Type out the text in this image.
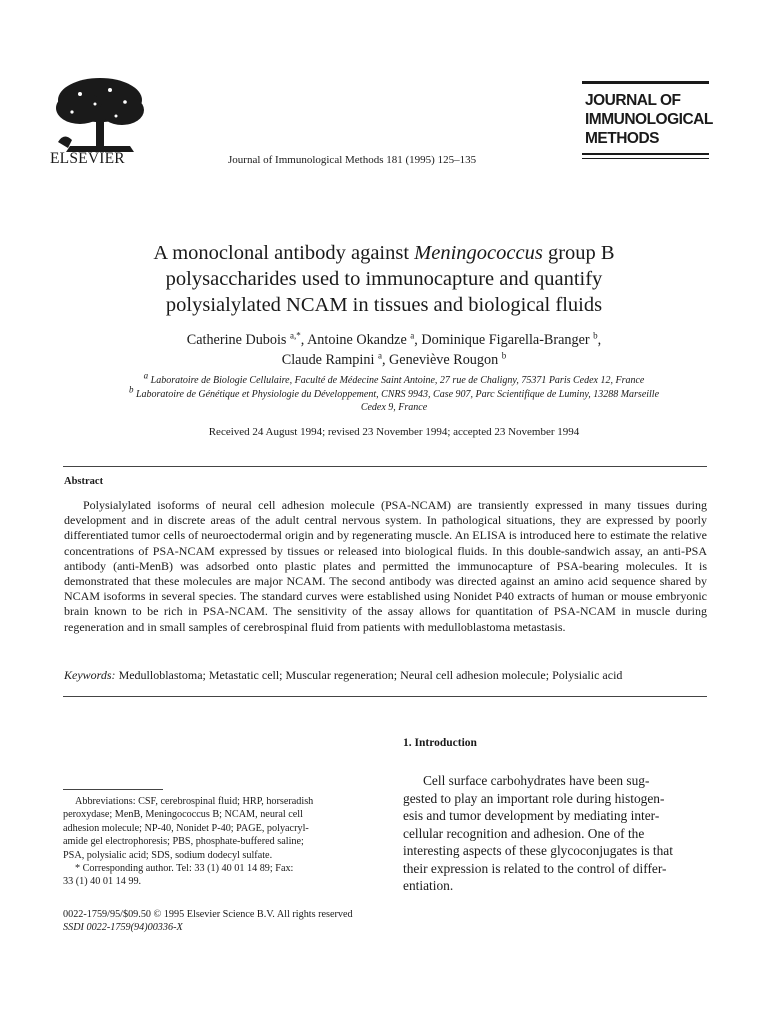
ELSEVIER	Journal of Immunological Methods 181 (1995) 125–135
JOURNAL OF
IMMUNOLOGICAL
METHODS
A monoclonal antibody against Meningococcus group B
polysaccharides used to immunocapture and quantify
polysialylated NCAM in tissues and biological fluids
Catherine Dubois $^{a,*}$, Antoine Okandze $^a$, Dominique Figarella-Branger $^b$,
Claude Rampini $^a$, Geneviève Rougon $^b$
$^a$ Laboratoire de Biologie Cellulaire, Faculté de Médecine Saint Antoine, 27 rue de Chaligny, 75371 Paris Cedex 12, France
$^b$ Laboratoire de Génétique et Physiologie du Développement, CNRS 9943, Case 907, Parc Scientifique de Luminy, 13288 Marseille
Cedex 9, France
Received 24 August 1994; revised 23 November 1994; accepted 23 November 1994
Abstract
Polysialylated isoforms of neural cell adhesion molecule (PSA-NCAM) are transiently expressed in many tissues during development and in discrete areas of the adult central nervous system. In pathological situations, they are expressed by poorly differentiated tumor cells of neuroectodermal origin and by regenerating muscle. An ELISA is introduced here to estimate the relative concentrations of PSA-NCAM expressed by tissues or released into biological fluids. In this double-sandwich assay, an anti-PSA antibody (anti-MenB) was adsorbed onto plastic plates and permitted the immunocapture of PSA-bearing molecules. It is demonstrated that these molecules are major NCAM. The second antibody was directed against an amino acid sequence shared by NCAM isoforms in several species. The standard curves were established using Nonidet P40 extracts of human or mouse embryonic brain known to be rich in PSA-NCAM. The sensitivity of the assay allows for quantitation of PSA-NCAM in muscle during regeneration and in small samples of cerebrospinal fluid from patients with medulloblastoma metastasis.
Keywords: Medulloblastoma; Metastatic cell; Muscular regeneration; Neural cell adhesion molecule; Polysialic acid
1. Introduction
Cell surface carbohydrates have been sug-
gested to play an important role during histogen-
esis and tumor development by mediating inter-
cellular recognition and adhesion. One of the
interesting aspects of these glycoconjugates is that
their expression is related to the control of differ-
entiation.
Abbreviations: CSF, cerebrospinal fluid; HRP, horseradish
peroxydase; MenB, Meningococcus B; NCAM, neural cell
adhesion molecule; NP-40, Nonidet P-40; PAGE, polyacryl-
amide gel electrophoresis; PBS, phosphate-buffered saline;
PSA, polysialic acid; SDS, sodium dodecyl sulfate.
* Corresponding author. Tel: 33 (1) 40 01 14 89; Fax:
33 (1) 40 01 14 99.
0022-1759/95/$09.50 © 1995 Elsevier Science B.V. All rights reserved
SSDI 0022-1759(94)00336-X
